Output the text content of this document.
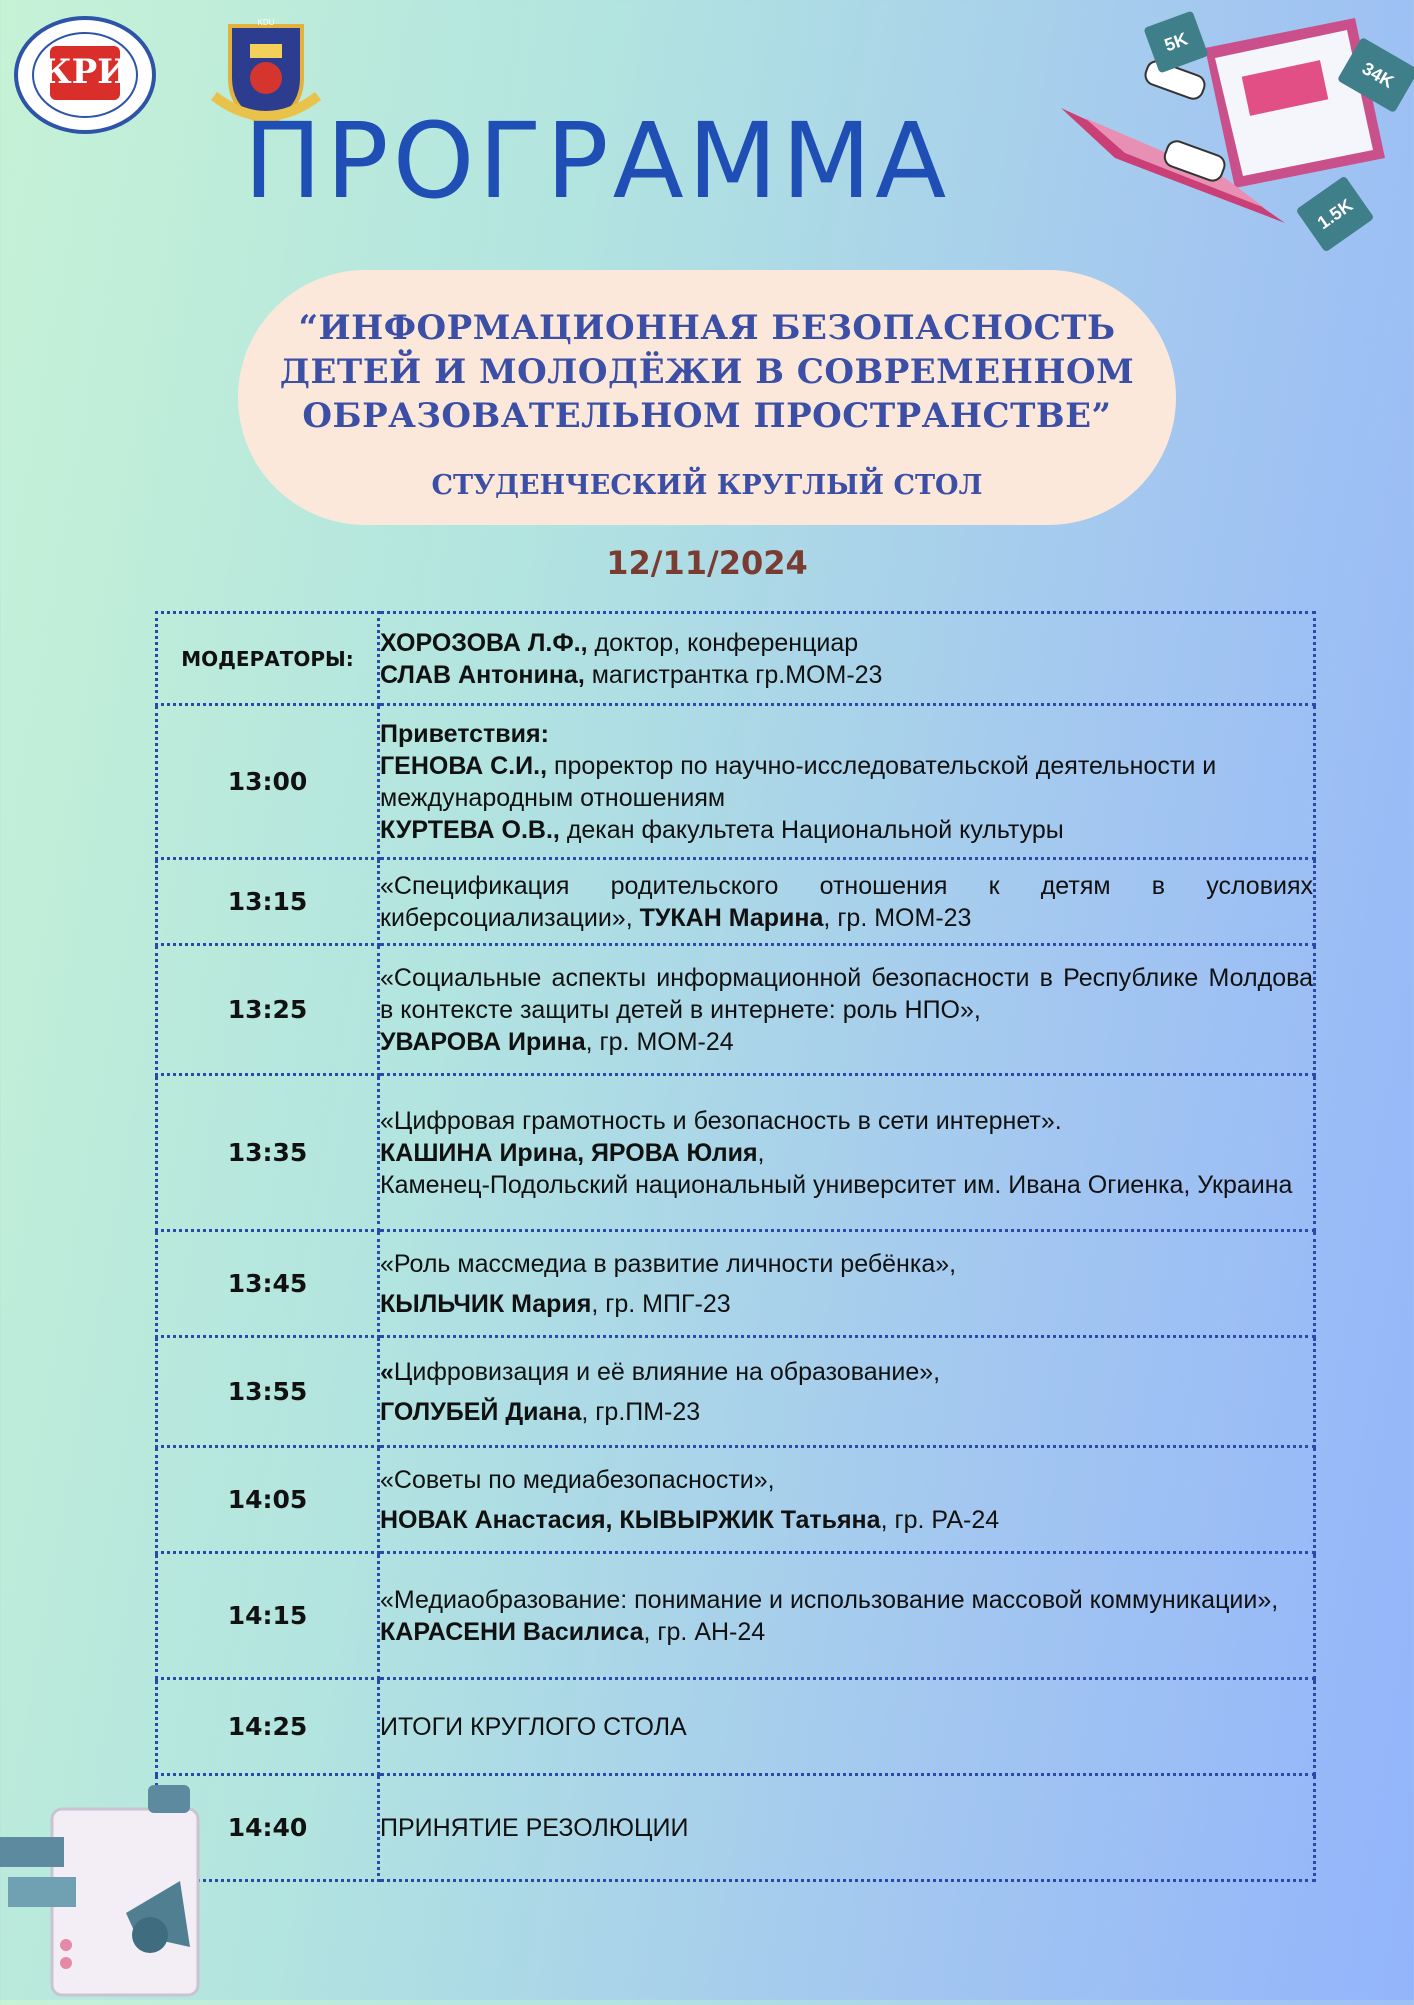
КРИ
KDU
5K
34K
1.5K
ПРОГРАММА
“ИНФОРМАЦИОННАЯ БЕЗОПАСНОСТЬ
ДЕТЕЙ И МОЛОДЁЖИ В СОВРЕМЕННОМ
ОБРАЗОВАТЕЛЬНОМ ПРОСТРАНСТВЕ”
СТУДЕНЧЕСКИЙ КРУГЛЫЙ СТОЛ
12/11/2024
МОДЕРАТОРЫ:	ХОРОЗОВА Л.Ф., доктор, конференциар
СЛАВ Антонина, магистрантка гр.МОМ-23

13:00	Приветствия:
ГЕНОВА С.И., проректор по научно-исследовательской деятельности и международным отношениям
КУРТЕВА О.В., декан факультета Национальной культуры

13:15	«Спецификация родительского отношения к детям в условиях киберсоциализации», ТУКАН Марина, гр. МОМ-23
13:25	«Социальные аспекты информационной безопасности в Республике Молдова в контексте защиты детей в интернете: роль НПО»,
УВАРОВА Ирина, гр. МОМ-24

13:35	«Цифровая грамотность и безопасность в сети интернет».
КАШИНА Ирина, ЯРОВА Юлия,
Каменец-Подольский национальный университет им. Ивана Огиенка, Украина

13:45	«Роль массмедиа в развитие личности ребёнка»,
КЫЛЬЧИК Мария, гр. МПГ-23

13:55	«Цифровизация и её влияние на образование»,
ГОЛУБЕЙ Диана, гр.ПМ-23

14:05	«Советы по медиабезопасности»,
НОВАК Анастасия, КЫВЫРЖИК Татьяна, гр. РА-24

14:15	«Медиаобразование: понимание и использование массовой коммуникации»,
КАРАСЕНИ Василиса, гр. АН-24

14:25	ИТОГИ КРУГЛОГО СТОЛА
14:40	ПРИНЯТИЕ РЕЗОЛЮЦИИ
